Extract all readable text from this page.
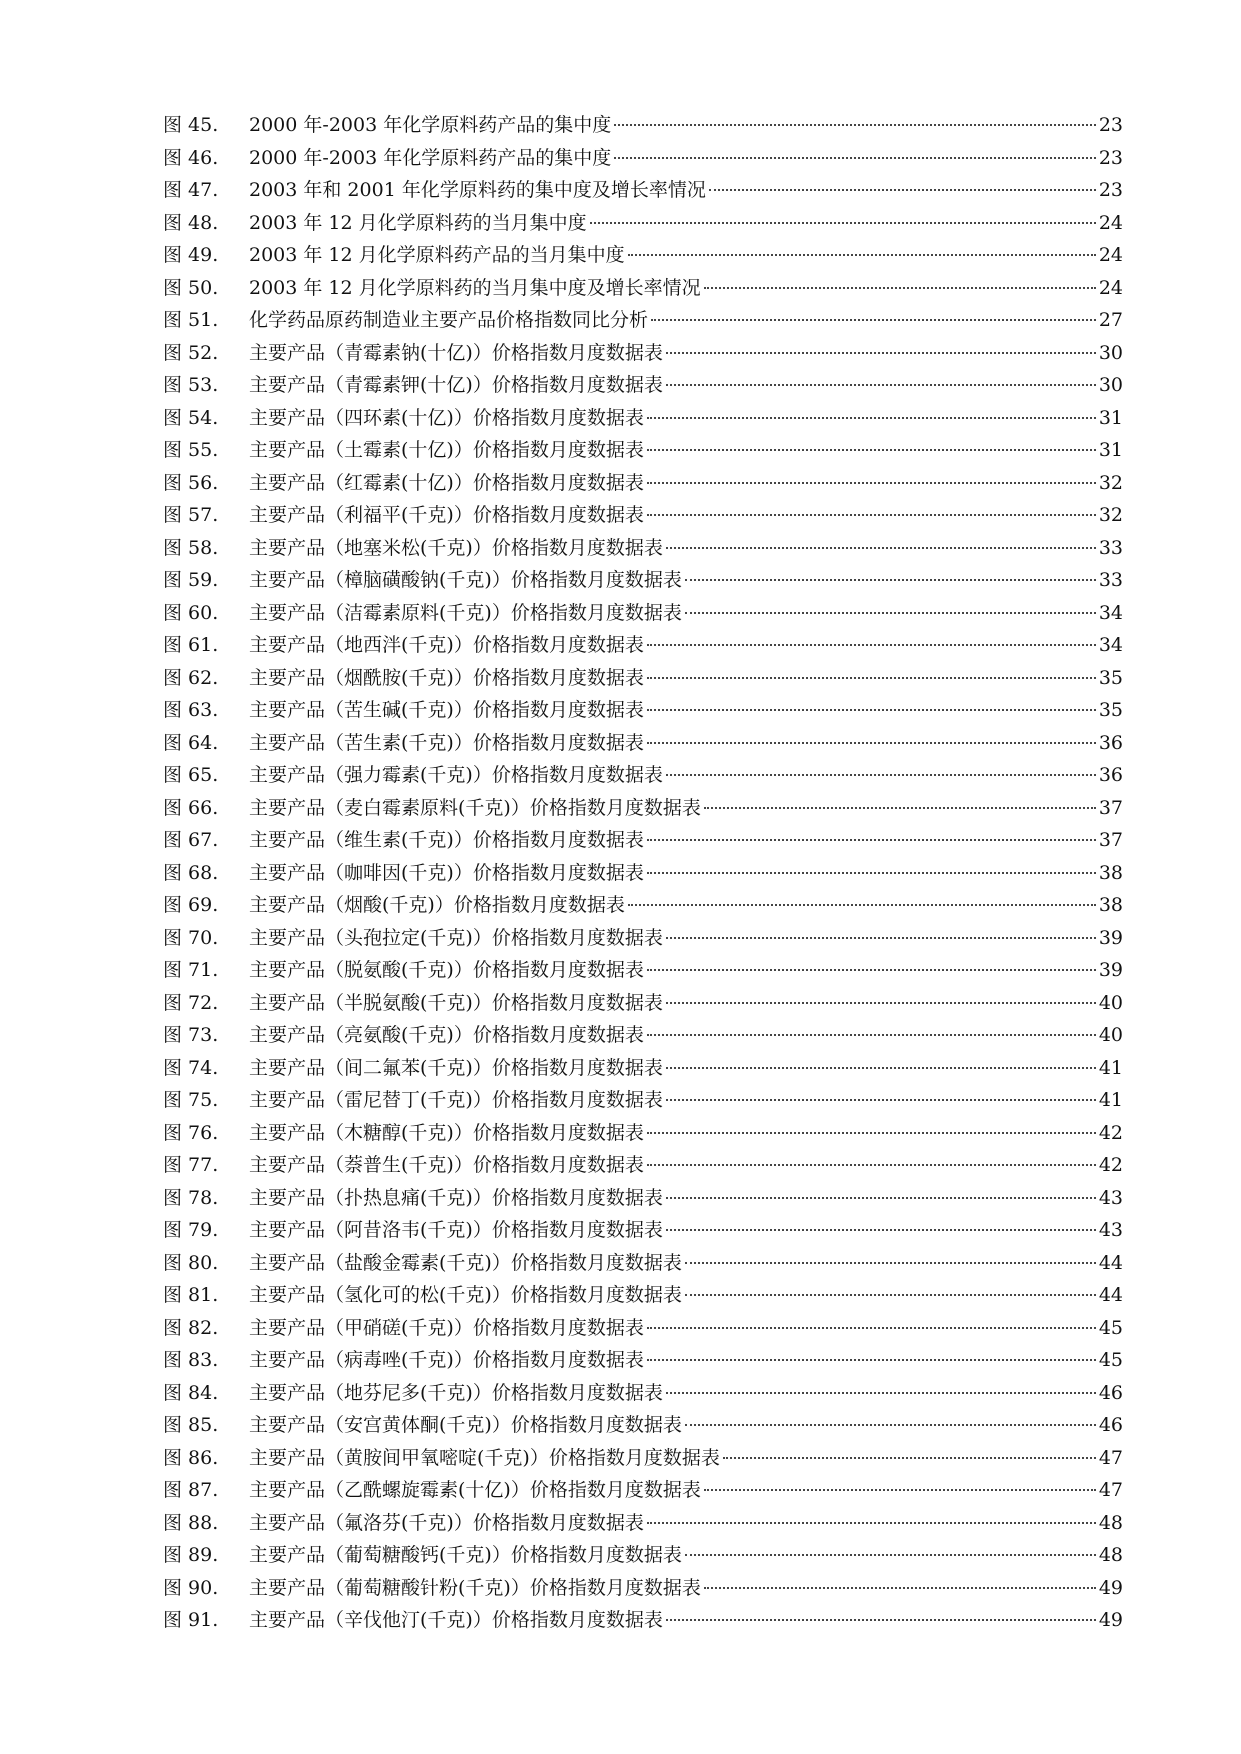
图 45.	2000 年-2003 年化学原料药产品的集中度	23
图 46.	2000 年-2003 年化学原料药产品的集中度	23
图 47.	2003 年和 2001 年化学原料药的集中度及增长率情况	23
图 48.	2003 年 12 月化学原料药的当月集中度	24
图 49.	2003 年 12 月化学原料药产品的当月集中度	24
图 50.	2003 年 12 月化学原料药的当月集中度及增长率情况	24
图 51.	化学药品原药制造业主要产品价格指数同比分析	27
图 52.	主要产品（青霉素钠(十亿)）价格指数月度数据表	30
图 53.	主要产品（青霉素钾(十亿)）价格指数月度数据表	30
图 54.	主要产品（四环素(十亿)）价格指数月度数据表	31
图 55.	主要产品（土霉素(十亿)）价格指数月度数据表	31
图 56.	主要产品（红霉素(十亿)）价格指数月度数据表	32
图 57.	主要产品（利福平(千克)）价格指数月度数据表	32
图 58.	主要产品（地塞米松(千克)）价格指数月度数据表	33
图 59.	主要产品（樟脑磺酸钠(千克)）价格指数月度数据表	33
图 60.	主要产品（洁霉素原料(千克)）价格指数月度数据表	34
图 61.	主要产品（地西泮(千克)）价格指数月度数据表	34
图 62.	主要产品（烟酰胺(千克)）价格指数月度数据表	35
图 63.	主要产品（苦生碱(千克)）价格指数月度数据表	35
图 64.	主要产品（苦生素(千克)）价格指数月度数据表	36
图 65.	主要产品（强力霉素(千克)）价格指数月度数据表	36
图 66.	主要产品（麦白霉素原料(千克)）价格指数月度数据表	37
图 67.	主要产品（维生素(千克)）价格指数月度数据表	37
图 68.	主要产品（咖啡因(千克)）价格指数月度数据表	38
图 69.	主要产品（烟酸(千克)）价格指数月度数据表	38
图 70.	主要产品（头孢拉定(千克)）价格指数月度数据表	39
图 71.	主要产品（脱氨酸(千克)）价格指数月度数据表	39
图 72.	主要产品（半脱氨酸(千克)）价格指数月度数据表	40
图 73.	主要产品（亮氨酸(千克)）价格指数月度数据表	40
图 74.	主要产品（间二氟苯(千克)）价格指数月度数据表	41
图 75.	主要产品（雷尼替丁(千克)）价格指数月度数据表	41
图 76.	主要产品（木糖醇(千克)）价格指数月度数据表	42
图 77.	主要产品（萘普生(千克)）价格指数月度数据表	42
图 78.	主要产品（扑热息痛(千克)）价格指数月度数据表	43
图 79.	主要产品（阿昔洛韦(千克)）价格指数月度数据表	43
图 80.	主要产品（盐酸金霉素(千克)）价格指数月度数据表	44
图 81.	主要产品（氢化可的松(千克)）价格指数月度数据表	44
图 82.	主要产品（甲硝磋(千克)）价格指数月度数据表	45
图 83.	主要产品（病毒唑(千克)）价格指数月度数据表	45
图 84.	主要产品（地芬尼多(千克)）价格指数月度数据表	46
图 85.	主要产品（安宫黄体酮(千克)）价格指数月度数据表	46
图 86.	主要产品（黄胺间甲氧嘧啶(千克)）价格指数月度数据表	47
图 87.	主要产品（乙酰螺旋霉素(十亿)）价格指数月度数据表	47
图 88.	主要产品（氟洛芬(千克)）价格指数月度数据表	48
图 89.	主要产品（葡萄糖酸钙(千克)）价格指数月度数据表	48
图 90.	主要产品（葡萄糖酸针粉(千克)）价格指数月度数据表	49
图 91.	主要产品（辛伐他汀(千克)）价格指数月度数据表	49
